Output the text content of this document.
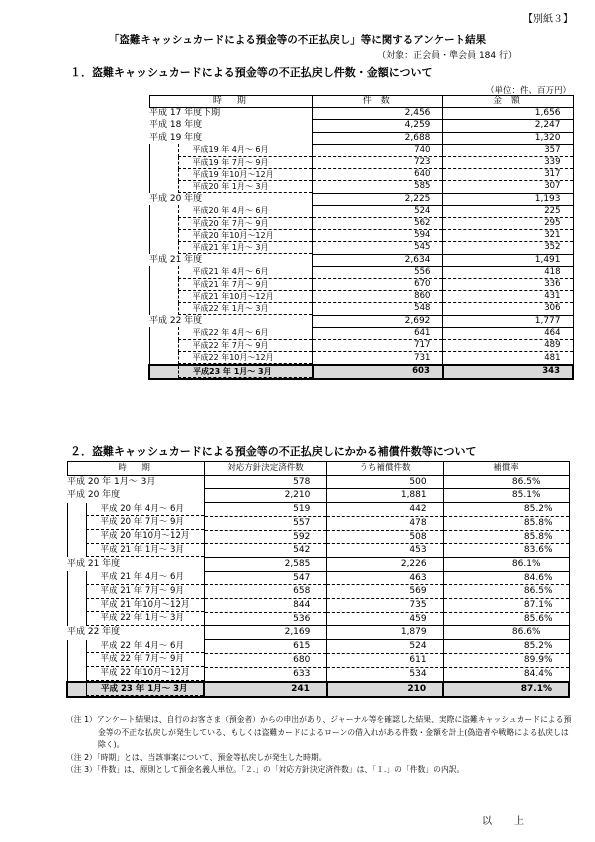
【別紙３】
「盗難キャッシュカードによる預金等の不正払戻し」等に関するアンケート結果
（対象：正会員・準会員 184 行）
１．盗難キャッシュカードによる預金等の不正払戻し件数・金額について
（単位：件、百万円）
時　期	件 数	金 額
平成 17 年度下期	2,456	1,656
平成 18 年度	4,259	2,247
平成 19 年度	2,688	1,320

平成19 年 4月～ 6月	740	357

平成19 年 7月～ 9月	723	339

平成19 年10月～12月	640	317

平成20 年 1月～ 3月	585	307
平成 20 年度	2,225	1,193

平成20 年 4月～ 6月	524	225

平成20 年 7月～ 9月	562	295

平成20 年10月～12月	594	321

平成21 年 1月～ 3月	545	352
平成 21 年度	2,634	1,491

平成21 年 4月～ 6月	556	418

平成21 年 7月～ 9月	670	336

平成21 年10月～12月	860	431

平成22 年 1月～ 3月	548	306
平成 22 年度	2,692	1,777

平成22 年 4月～ 6月	641	464

平成22 年 7月～ 9月	717	489

平成22 年10月～12月	731	481

平成23 年 1月～ 3月	603	343
２．盗難キャッシュカードによる預金等の不正払戻しにかかる補償件数等について
時　期	対応方針決定済件数	うち補償件数	補償率
平成 20 年 1月～ 3月	578	500	86.5%
平成 20 年度	2,210	1,881	85.1%

平成 20 年 4月～ 6月	519	442	85.2%

平成 20 年 7月～ 9月	557	478	85.8%

平成 20 年10月～12月	592	508	85.8%

平成 21 年 1月～ 3月	542	453	83.6%
平成 21 年度	2,585	2,226	86.1%

平成 21 年 4月～ 6月	547	463	84.6%

平成 21 年 7月～ 9月	658	569	86.5%

平成 21 年10月～12月	844	735	87.1%

平成 22 年 1月～ 3月	536	459	85.6%
平成 22 年度	2,169	1,879	86.6%

平成 22 年 4月～ 6月	615	524	85.2%

平成 22 年 7月～ 9月	680	611	89.9%

平成 22 年10月～12月	633	534	84.4%

平成 23 年 1月～ 3月	241	210	87.1%

（注 1）アンケート結果は、自行のお客さま（預金者）からの申出があり、ジャーナル等を確認した結果、実際に盗難キャッシュカードによる預金等の不正な払戻しが発生している、もしくは盗難カードによるローンの借入れがある件数・金額を計上(偽造者や戦略による払戻しは除く)。

（注 2）「時期」とは、当該事案について、預金等払戻しが発生した時期。

（注 3）「件数」は、原則として預金名義人単位。「２.」の「対応方針決定済件数」は、「１.」の「件数」の内訳。

以上
